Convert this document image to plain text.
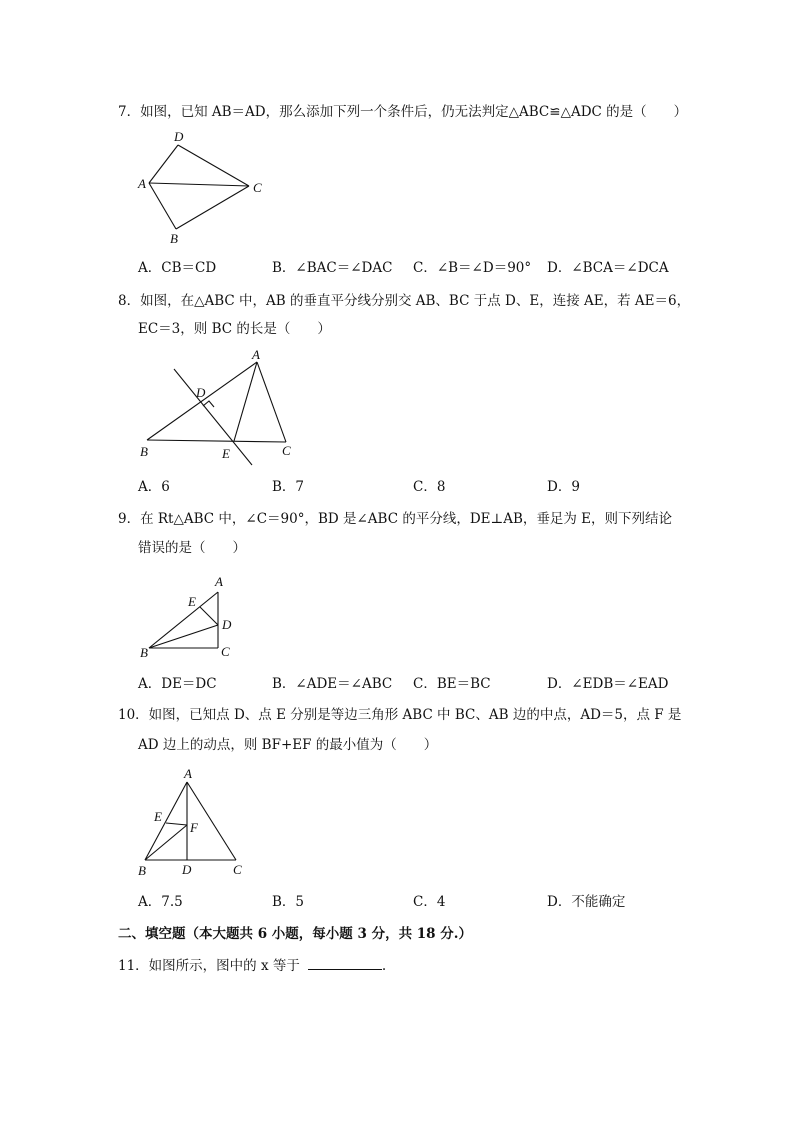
7．如图，已知 AB＝AD，那么添加下列一个条件后，仍无法判定△ABC≌△ADC 的是（　　）
D
A	C
B
A．CB＝CD	B．∠BAC＝∠DAC C．∠B＝∠D＝90° D．∠BCA＝∠DCA
8．如图，在△ABC 中，AB 的垂直平分线分别交 AB、BC 于点 D、E，连接 AE，若 AE＝6，
EC＝3，则 BC 的长是（　　）
A
D
B	E	C
A．6	B．7	C．8	D．9
9．在 Rt△ABC 中，∠C＝90°，BD 是∠ABC 的平分线，DE⊥AB，垂足为 E，则下列结论
错误的是（　　）
A
E
D
B	C
A．DE＝DC	B．∠ADE＝∠ABC C．BE＝BC	D．∠EDB＝∠EAD
10．如图，已知点 D、点 E 分别是等边三角形 ABC 中 BC、AB 边的中点，AD＝5，点 F 是
AD 边上的动点，则 BF+EF 的最小值为（　　）
A
E
F
B	D	C
A．7.5	B．5	C．4	D．不能确定
二、填空题（本大题共 6 小题，每小题 3 分，共 18 分.）
11．如图所示，图中的 x 等于	.
